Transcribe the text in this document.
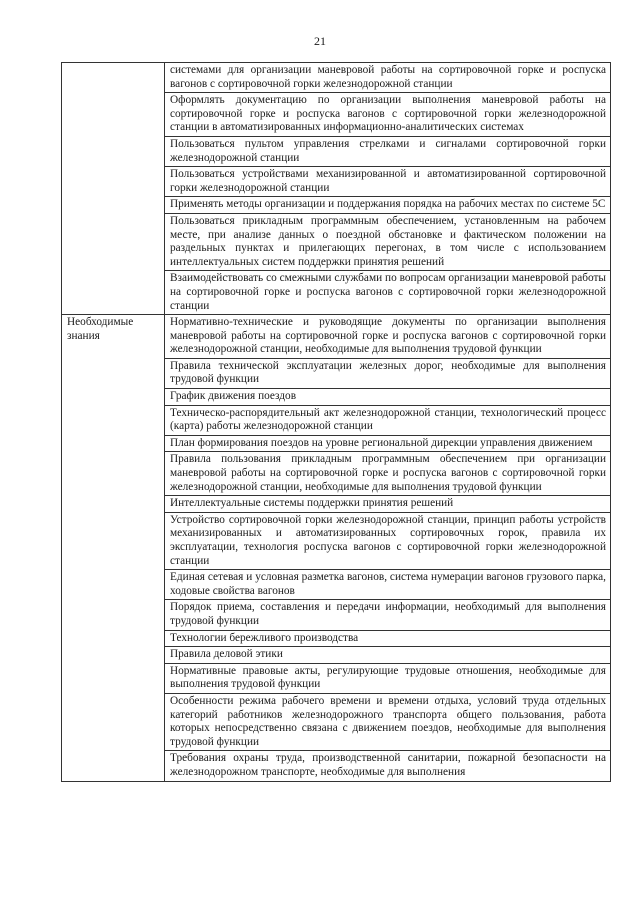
21
	системами для организации маневровой работы на сортировочной горке и роспуска вагонов с сортировочной горки железнодорожной станции
	Оформлять документацию по организации выполнения маневровой работы на сортировочной горке и роспуска вагонов с сортировочной горки железнодорожной станции в автоматизированных информационно-аналитических системах
	Пользоваться пультом управления стрелками и сигналами сортировочной горки железнодорожной станции
	Пользоваться устройствами механизированной и автоматизированной сортировочной горки железнодорожной станции
	Применять методы организации и поддержания порядка на рабочих местах по системе 5С
	Пользоваться прикладным программным обеспечением, установленным на рабочем месте, при анализе данных о поездной обстановке и фактическом положении на раздельных пунктах и прилегающих перегонах, в том числе с использованием интеллектуальных систем поддержки принятия решений
	Взаимодействовать со смежными службами по вопросам организации маневровой работы на сортировочной горке и роспуска вагонов с сортировочной горки железнодорожной станции
Необходимые знания	Нормативно-технические и руководящие документы по организации выполнения маневровой работы на сортировочной горке и роспуска вагонов с сортировочной горки железнодорожной станции, необходимые для выполнения трудовой функции
	Правила технической эксплуатации железных дорог, необходимые для выполнения трудовой функции
	График движения поездов
	Техническо-распорядительный акт железнодорожной станции, технологический процесс (карта) работы железнодорожной станции
	План формирования поездов на уровне региональной дирекции управления движением
	Правила пользования прикладным программным обеспечением при организации маневровой работы на сортировочной горке и роспуска вагонов с сортировочной горки железнодорожной станции, необходимые для выполнения трудовой функции
	Интеллектуальные системы поддержки принятия решений
	Устройство сортировочной горки железнодорожной станции, принцип работы устройств механизированных и автоматизированных сортировочных горок, правила их эксплуатации, технология роспуска вагонов с сортировочной горки железнодорожной станции
	Единая сетевая и условная разметка вагонов, система нумерации вагонов грузового парка, ходовые свойства вагонов
	Порядок приема, составления и передачи информации, необходимый для выполнения трудовой функции
	Технологии бережливого производства
	Правила деловой этики
	Нормативные правовые акты, регулирующие трудовые отношения, необходимые для выполнения трудовой функции
	Особенности режима рабочего времени и времени отдыха, условий труда отдельных категорий работников железнодорожного транспорта общего пользования, работа которых непосредственно связана с движением поездов, необходимые для выполнения трудовой функции
	Требования охраны труда, производственной санитарии, пожарной безопасности на железнодорожном транспорте, необходимые для выполнения
